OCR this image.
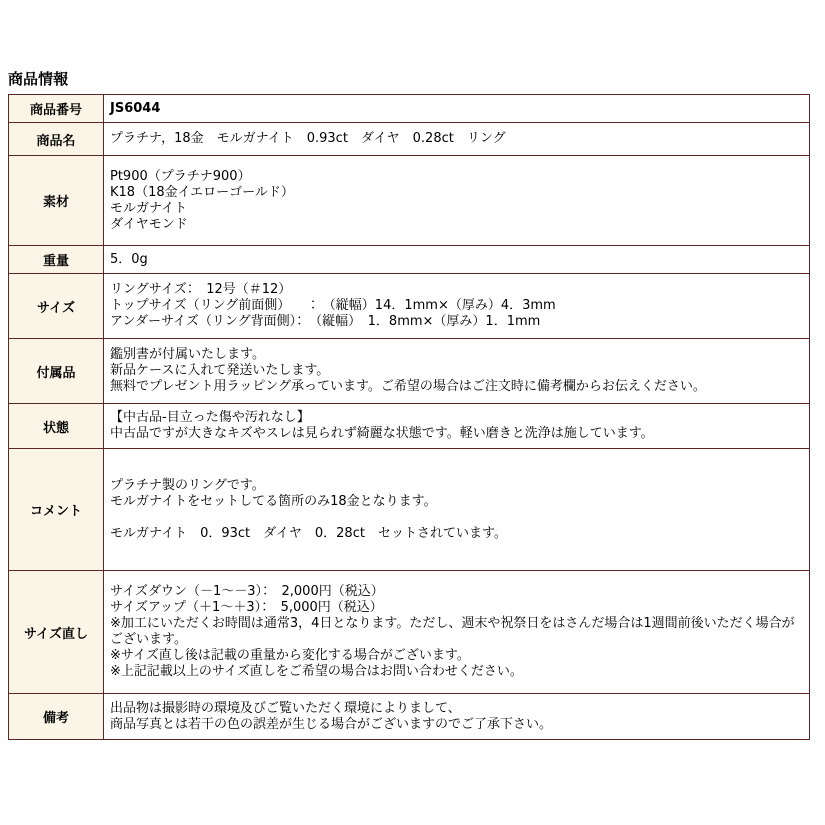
商品情報
商品番号	JS6044

商品名	プラチナ，18金　モルガナイト　0.93ct　ダイヤ　0.28ct　リング

素材	Pt900（プラチナ900）
K18（18金イエローゴールド）
モルガナイト
ダイヤモンド

重量	5．0g

サイズ	リングサイズ：　12号（＃12）
トップサイズ（リング前面側）　　：　（縦幅）14．1mm×（厚み）4．3mm
アンダーサイズ（リング背面側）：　（縦幅）　1．8mm×（厚み）1．1mm

付属品	鑑別書が付属いたします。
新品ケースに入れて発送いたします。
無料でプレゼント用ラッピング承っています。ご希望の場合はご注文時に備考欄からお伝えください。

状態	【中古品-目立った傷や汚れなし】
中古品ですが大きなキズやスレは見られず綺麗な状態です。軽い磨きと洗浄は施しています。

コメント	プラチナ製のリングです。
モルガナイトをセットしてる箇所のみ18金となります。
モルガナイト　0．93ct　ダイヤ　0．28ct　セットされています。

サイズ直し	サイズダウン（－1～－3）：　2,000円（税込）
サイズアップ（＋1～＋3）：　5,000円（税込）
※加工にいただくお時間は通常3，4日となります。ただし、週末や祝祭日をはさんだ場合は1週間前後いただく場合がございます。
※サイズ直し後は記載の重量から変化する場合がございます。
※上記記載以上のサイズ直しをご希望の場合はお問い合わせください。

備考	出品物は撮影時の環境及びご覧いただく環境によりまして、
商品写真とは若干の色の誤差が生じる場合がございますのでご了承下さい。
